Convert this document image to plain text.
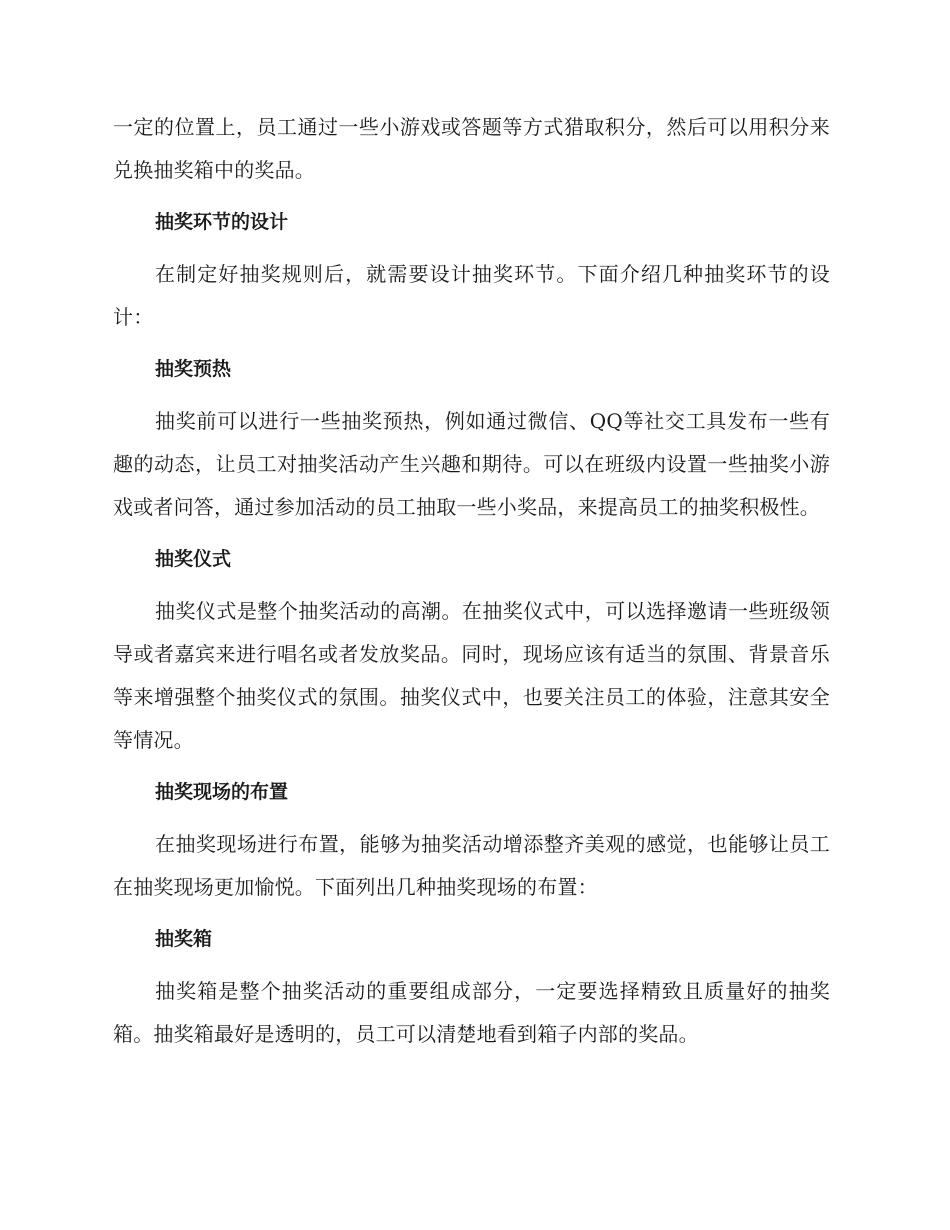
一定的位置上，员工通过一些小游戏或答题等方式猎取积分，然后可以用积分来兑换抽奖箱中的奖品。

抽奖环节的设计

在制定好抽奖规则后，就需要设计抽奖环节。下面介绍几种抽奖环节的设计：

抽奖预热

抽奖前可以进行一些抽奖预热，例如通过微信、QQ等社交工具发布一些有趣的动态，让员工对抽奖活动产生兴趣和期待。可以在班级内设置一些抽奖小游戏或者问答，通过参加活动的员工抽取一些小奖品，来提高员工的抽奖积极性。

抽奖仪式

抽奖仪式是整个抽奖活动的高潮。在抽奖仪式中，可以选择邀请一些班级领导或者嘉宾来进行唱名或者发放奖品。同时，现场应该有适当的氛围、背景音乐等来增强整个抽奖仪式的氛围。抽奖仪式中，也要关注员工的体验，注意其安全等情况。

抽奖现场的布置

在抽奖现场进行布置，能够为抽奖活动增添整齐美观的感觉，也能够让员工在抽奖现场更加愉悦。下面列出几种抽奖现场的布置：

抽奖箱

抽奖箱是整个抽奖活动的重要组成部分，一定要选择精致且质量好的抽奖箱。抽奖箱最好是透明的，员工可以清楚地看到箱子内部的奖品。
